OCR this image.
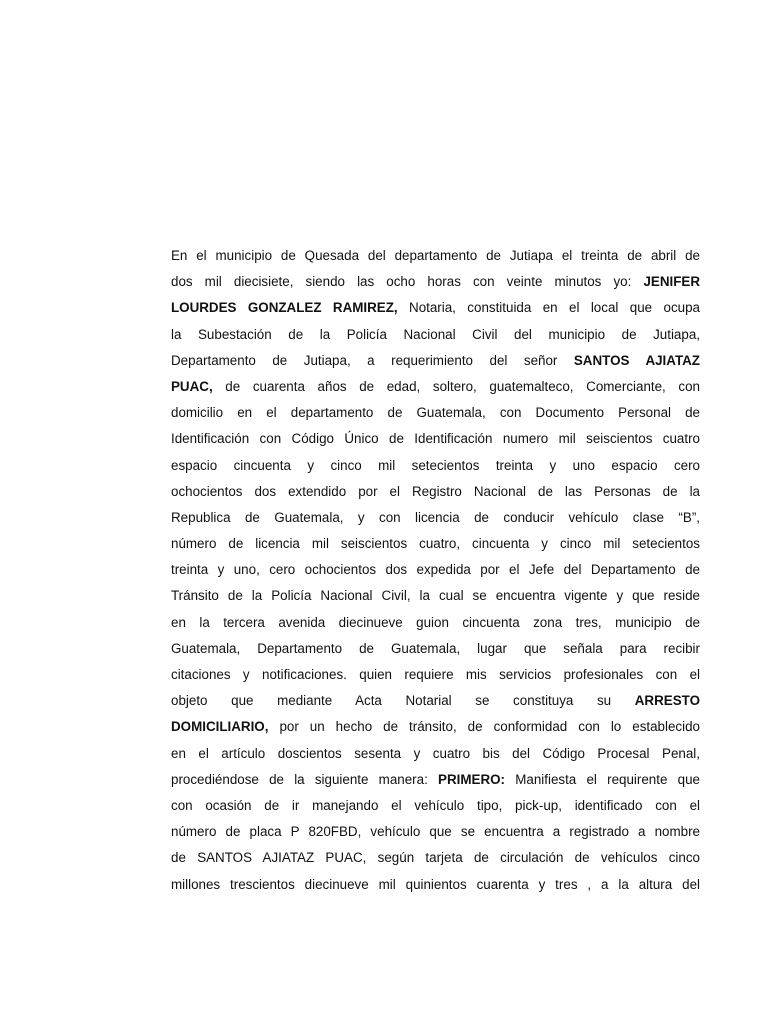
En el municipio de Quesada del departamento de Jutiapa el treinta de abril de
dos mil diecisiete, siendo las ocho horas con veinte minutos yo: JENIFER
LOURDES GONZALEZ RAMIREZ, Notaria, constituida en el local que ocupa
la Subestación de la Policía Nacional Civil del municipio de Jutiapa,
Departamento de Jutiapa, a requerimiento del señor SANTOS AJIATAZ
PUAC, de cuarenta años de edad, soltero, guatemalteco, Comerciante, con
domicilio en el departamento de Guatemala, con Documento Personal de
Identificación con Código Único de Identificación numero mil seiscientos cuatro
espacio cincuenta y cinco mil setecientos treinta y uno espacio cero
ochocientos dos extendido por el Registro Nacional de las Personas de la
Republica de Guatemala, y con licencia de conducir vehículo clase “B”,
número de licencia mil seiscientos cuatro, cincuenta y cinco mil setecientos
treinta y uno, cero ochocientos dos expedida por el Jefe del Departamento de
Tránsito de la Policía Nacional Civil, la cual se encuentra vigente y que reside
en la tercera avenida diecinueve guion cincuenta zona tres, municipio de
Guatemala, Departamento de Guatemala, lugar que señala para recibir
citaciones y notificaciones. quien requiere mis servicios profesionales con el
objeto que mediante Acta Notarial se constituya su ARRESTO
DOMICILIARIO, por un hecho de tránsito, de conformidad con lo establecido
en el artículo doscientos sesenta y cuatro bis del Código Procesal Penal,
procediéndose de la siguiente manera: PRIMERO: Manifiesta el requirente que
con ocasión de ir manejando el vehículo tipo, pick-up, identificado con el
número de placa P 820FBD, vehículo que se encuentra a registrado a nombre
de SANTOS AJIATAZ PUAC, según tarjeta de circulación de vehículos cinco
millones trescientos diecinueve mil quinientos cuarenta y tres , a la altura del
